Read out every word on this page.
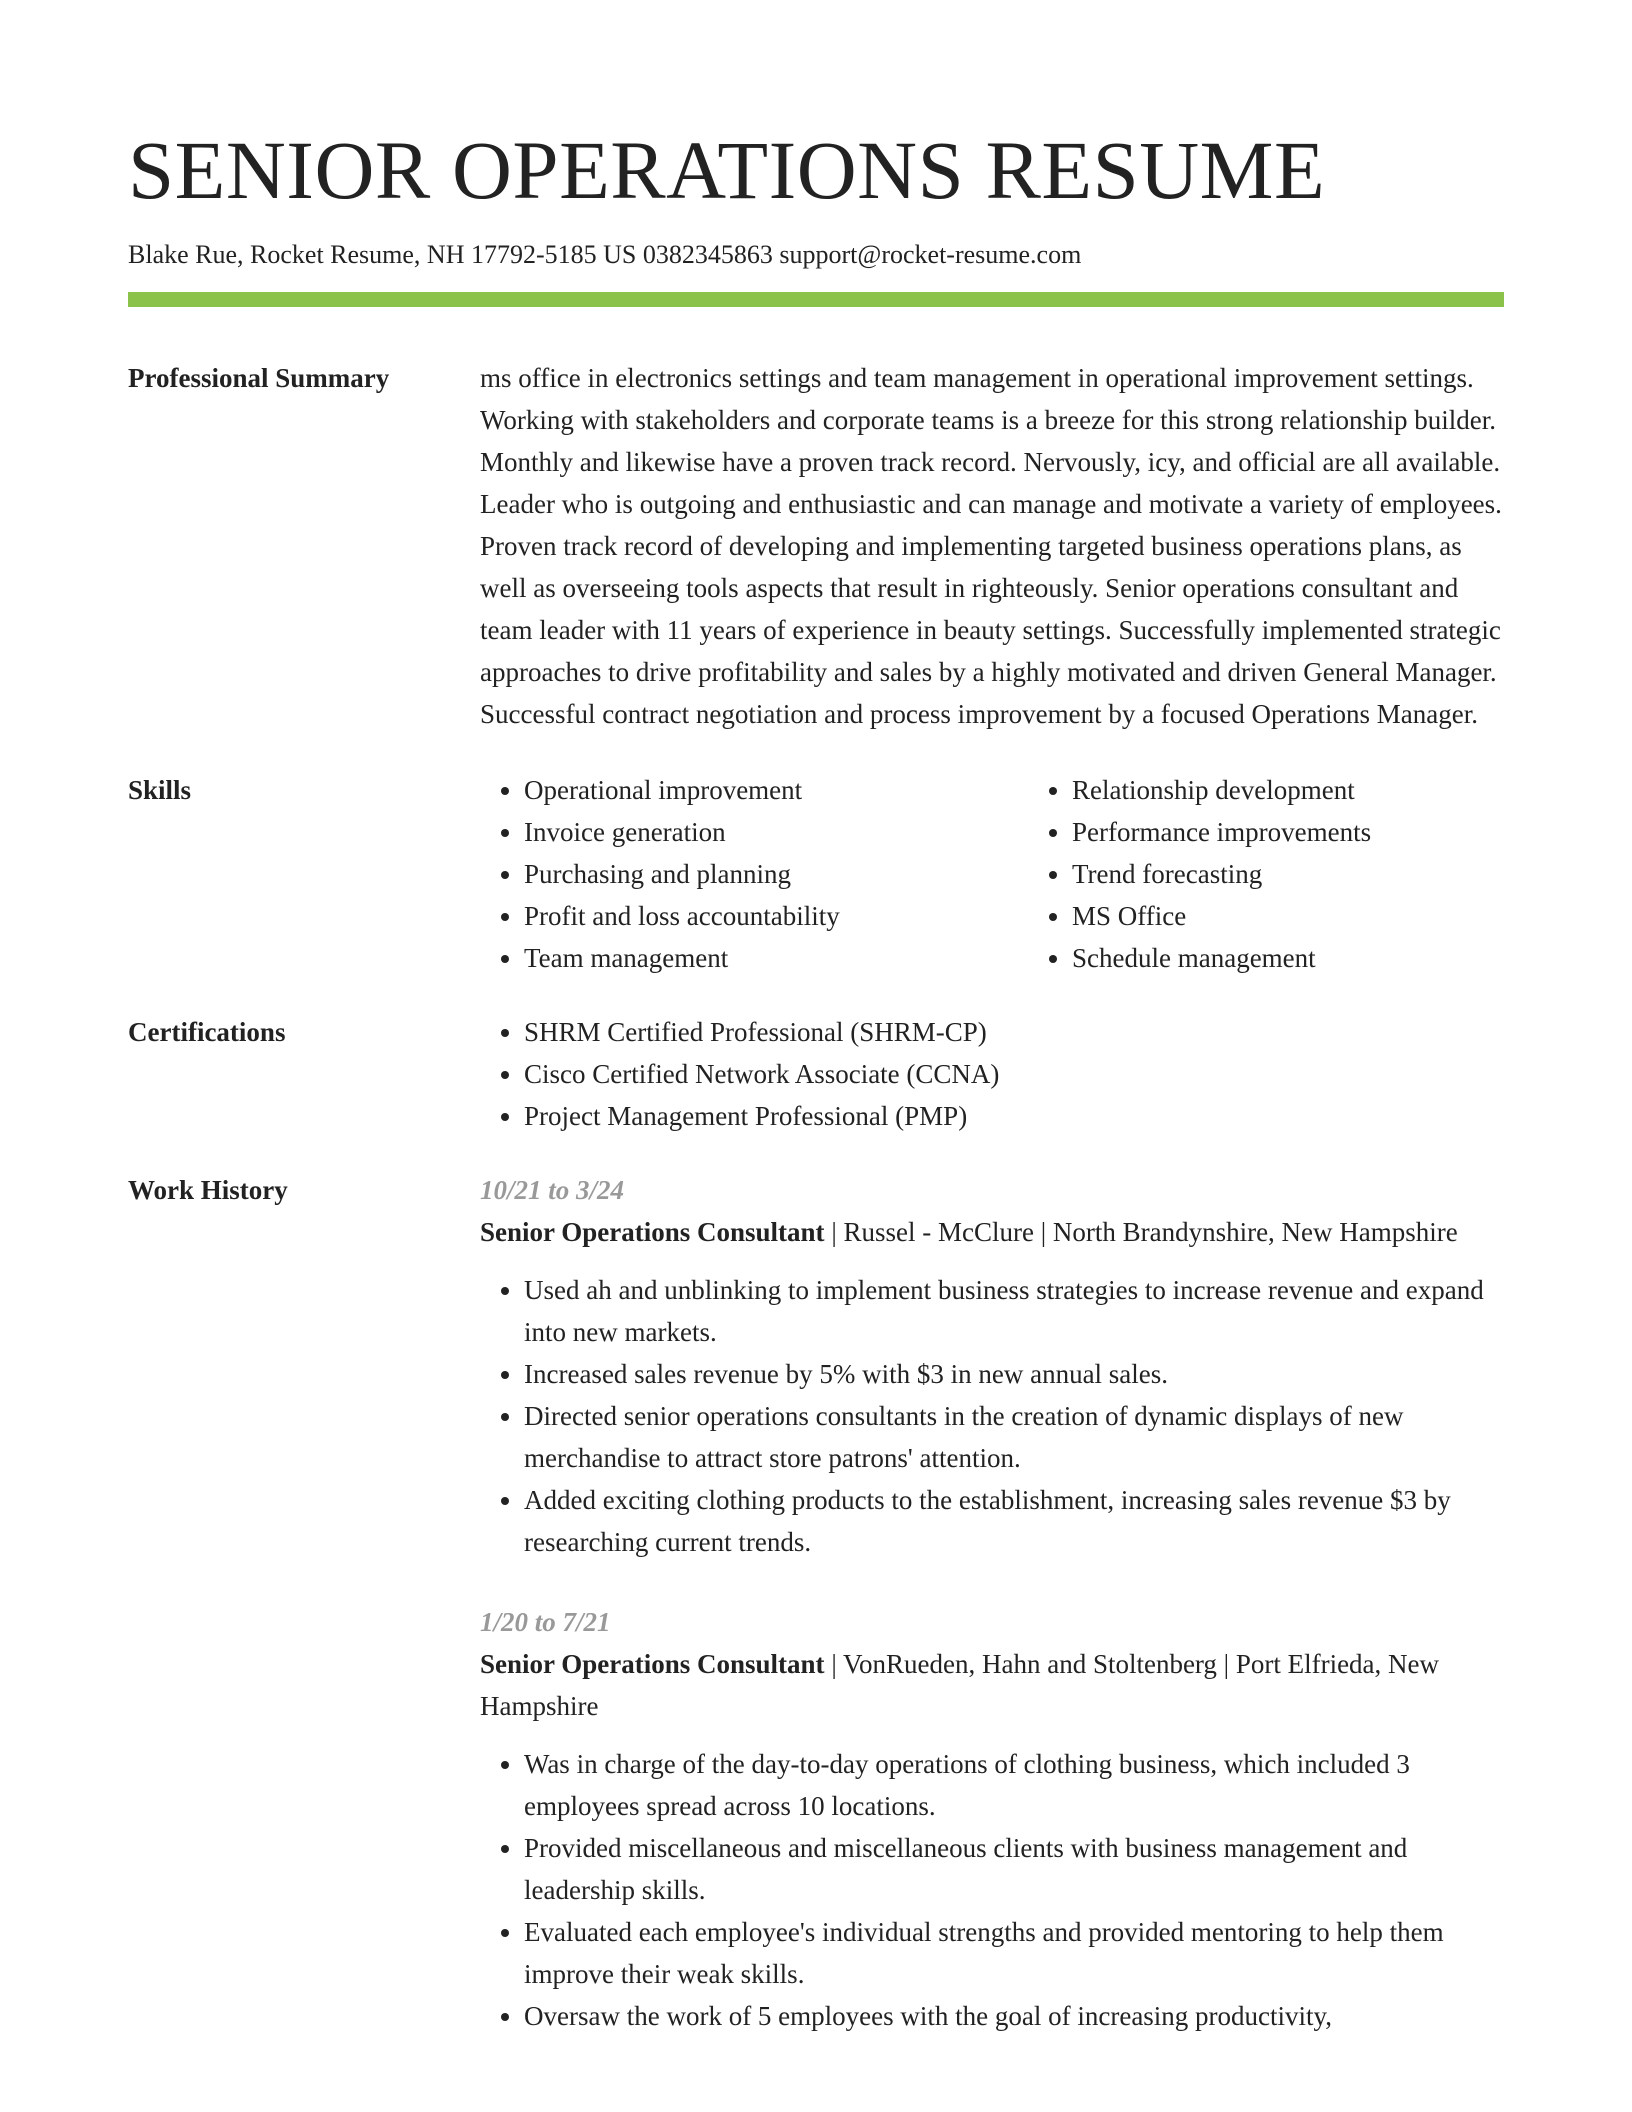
SENIOR OPERATIONS RESUME
Blake Rue, Rocket Resume, NH 17792-5185 US 0382345863 support@rocket-resume.com
Professional Summary	ms office in electronics settings and team management in operational improvement settings. Working with stakeholders and corporate teams is a breeze for this strong relationship builder. Monthly and likewise have a proven track record. Nervously, icy, and official are all available. Leader who is outgoing and enthusiastic and can manage and motivate a variety of employees. Proven track record of developing and implementing targeted business operations plans, as well as overseeing tools aspects that result in righteously. Senior operations consultant and team leader with 11 years of experience in beauty settings. Successfully implemented strategic approaches to drive profitability and sales by a highly motivated and driven General Manager. Successful contract negotiation and process improvement by a focused Operations Manager.
Skills	• Operational improvement
• Invoice generation
• Purchasing and planning
• Profit and loss accountability
• Team management
• Relationship development
• Performance improvements
• Trend forecasting
• MS Office
• Schedule management
Certifications	• SHRM Certified Professional (SHRM-CP)
• Cisco Certified Network Associate (CCNA)
• Project Management Professional (PMP)
Work History	10/21 to 3/24
Senior Operations Consultant | Russel - McClure | North Brandynshire, New Hampshire
• Used ah and unblinking to implement business strategies to increase revenue and expand into new markets.
• Increased sales revenue by 5% with $3 in new annual sales.
• Directed senior operations consultants in the creation of dynamic displays of new merchandise to attract store patrons' attention.
• Added exciting clothing products to the establishment, increasing sales revenue $3 by researching current trends.
1/20 to 7/21
Senior Operations Consultant | VonRueden, Hahn and Stoltenberg | Port Elfrieda, New Hampshire
• Was in charge of the day-to-day operations of clothing business, which included 3 employees spread across 10 locations.
• Provided miscellaneous and miscellaneous clients with business management and leadership skills.
• Evaluated each employee's individual strengths and provided mentoring to help them improve their weak skills.
• Oversaw the work of 5 employees with the goal of increasing productivity,
